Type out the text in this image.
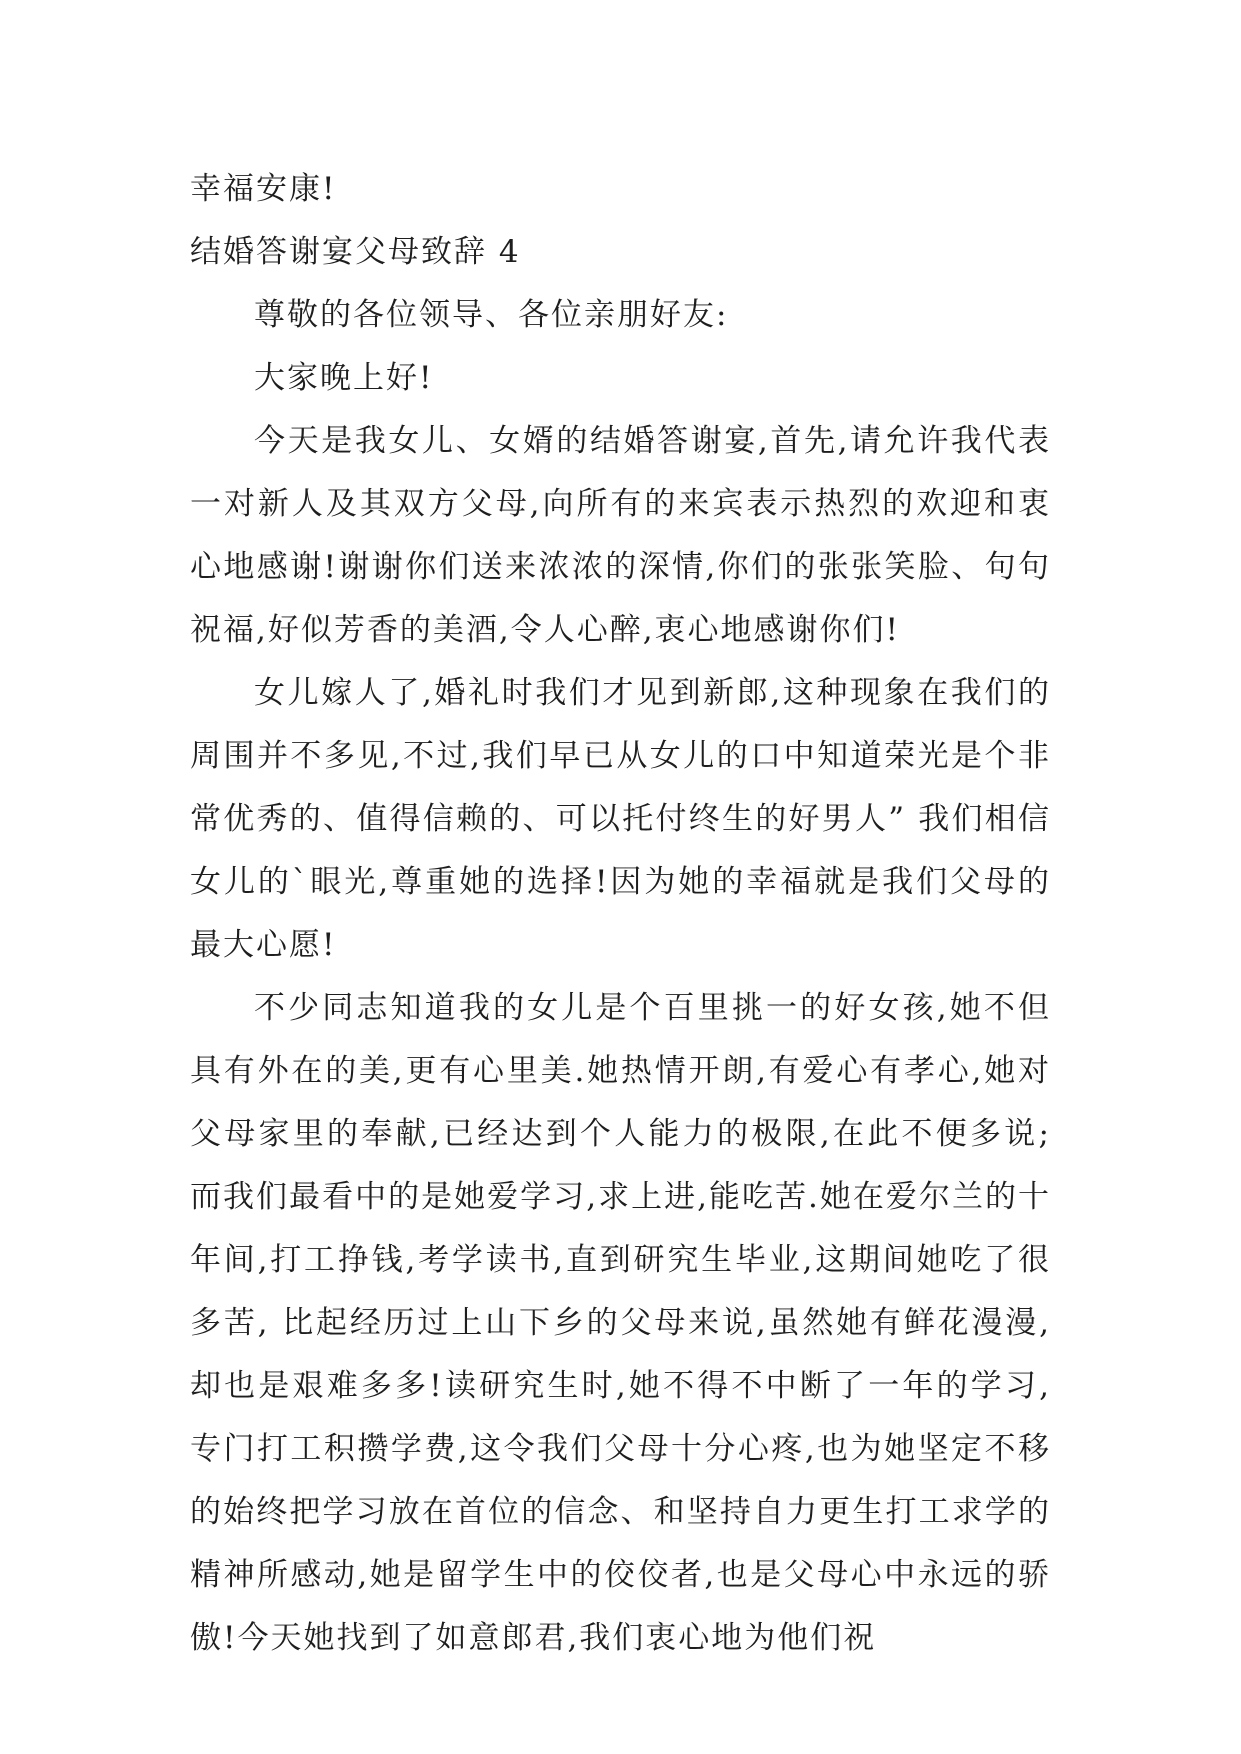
幸福安康!

结婚答谢宴父母致辞 4

尊敬的各位领导、各位亲朋好友:

大家晚上好!

今天是我女儿、女婿的结婚答谢宴,首先,请允许我代表一对新人及其双方父母,向所有的来宾表示热烈的欢迎和衷心地感谢!谢谢你们送来浓浓的深情,你们的张张笑脸、句句祝福,好似芳香的美酒,令人心醉,衷心地感谢你们!

女儿嫁人了,婚礼时我们才见到新郎,这种现象在我们的周围并不多见,不过,我们早已从女儿的口中知道荣光是个非常优秀的、值得信赖的、可以托付终生的好男人” 我们相信女儿的`眼光,尊重她的选择!因为她的幸福就是我们父母的最大心愿!

不少同志知道我的女儿是个百里挑一的好女孩,她不但具有外在的美,更有心里美.她热情开朗,有爱心有孝心,她对父母家里的奉献,已经达到个人能力的极限,在此不便多说;而我们最看中的是她爱学习,求上进,能吃苦.她在爱尔兰的十年间,打工挣钱,考学读书,直到研究生毕业,这期间她吃了很多苦, 比起经历过上山下乡的父母来说,虽然她有鲜花漫漫,却也是艰难多多!读研究生时,她不得不中断了一年的学习,专门打工积攒学费,这令我们父母十分心疼,也为她坚定不移的始终把学习放在首位的信念、和坚持自力更生打工求学的精神所感动,她是留学生中的佼佼者,也是父母心中永远的骄傲!今天她找到了如意郎君,我们衷心地为他们祝
